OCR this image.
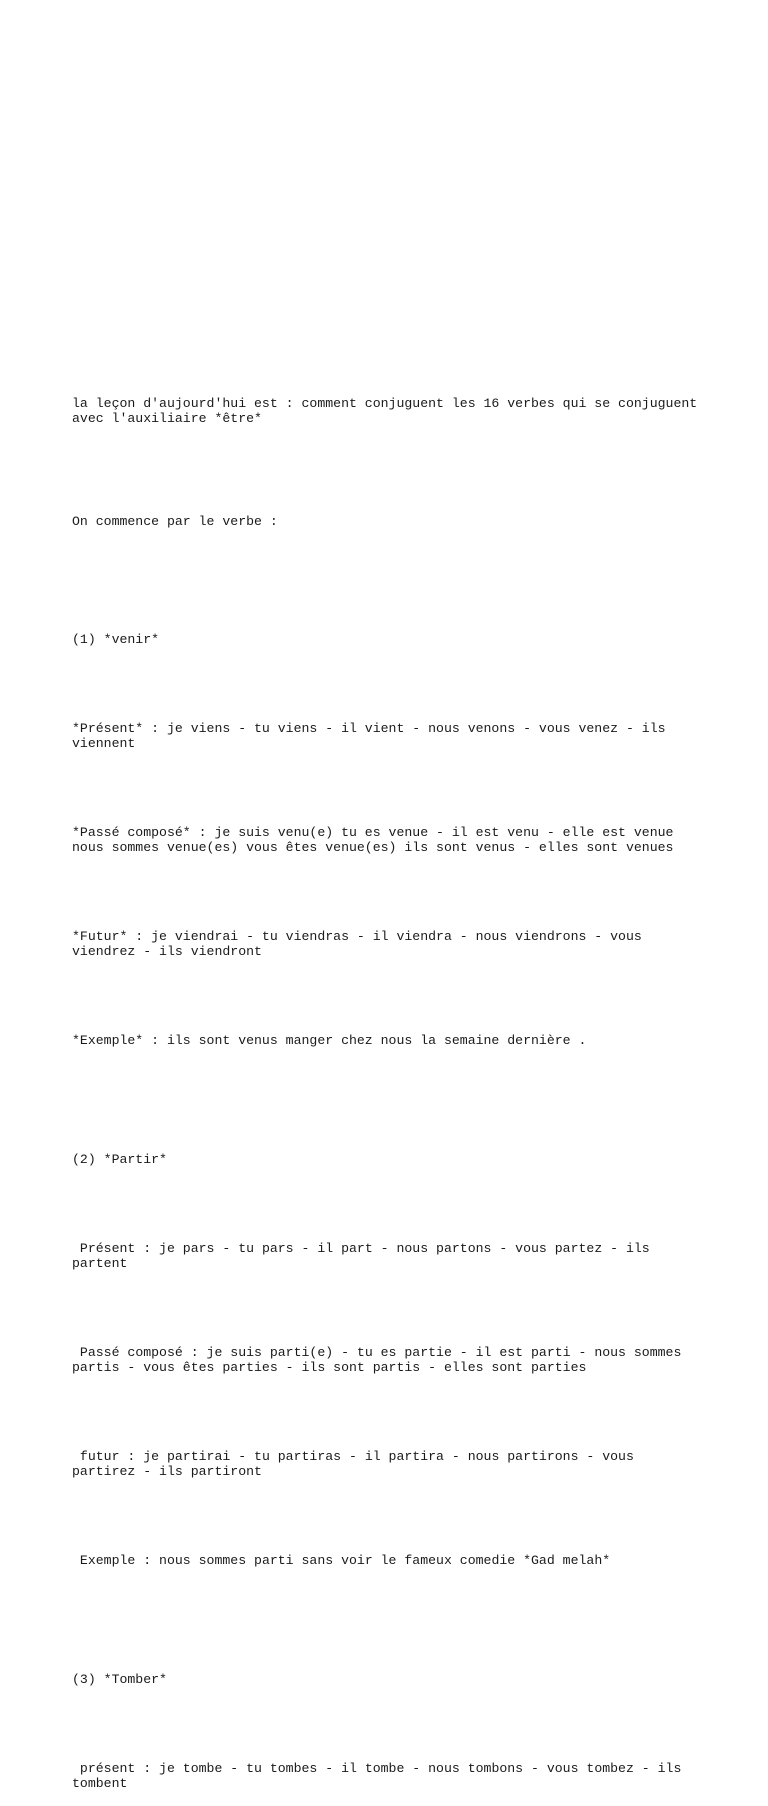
la leçon d'aujourd'hui est : comment conjuguent les 16 verbes qui se conjuguent avec l'auxiliaire *être*

On commence par le verbe :

(1) *venir*

*Présent* : je viens - tu viens - il vient - nous venons - vous venez - ils viennent

*Passé composé* : je suis venu(e) tu es venue - il est venu - elle est venue nous sommes venue(es) vous êtes venue(es) ils sont venus - elles sont venues

*Futur* : je viendrai - tu viendras - il viendra - nous viendrons - vous viendrez - ils viendront

*Exemple* : ils sont venus manger chez nous la semaine dernière .

(2) *Partir*

Présent : je pars - tu pars - il part - nous partons - vous partez - ils partent

Passé composé : je suis parti(e) - tu es partie - il est parti - nous sommes partis - vous êtes parties - ils sont partis - elles sont parties

futur : je partirai - tu partiras - il partira - nous partirons - vous partirez - ils partiront

Exemple : nous sommes parti sans voir le fameux comedie *Gad melah*

(3) *Tomber*

présent : je tombe - tu tombes - il tombe - nous tombons - vous tombez - ils tombent
